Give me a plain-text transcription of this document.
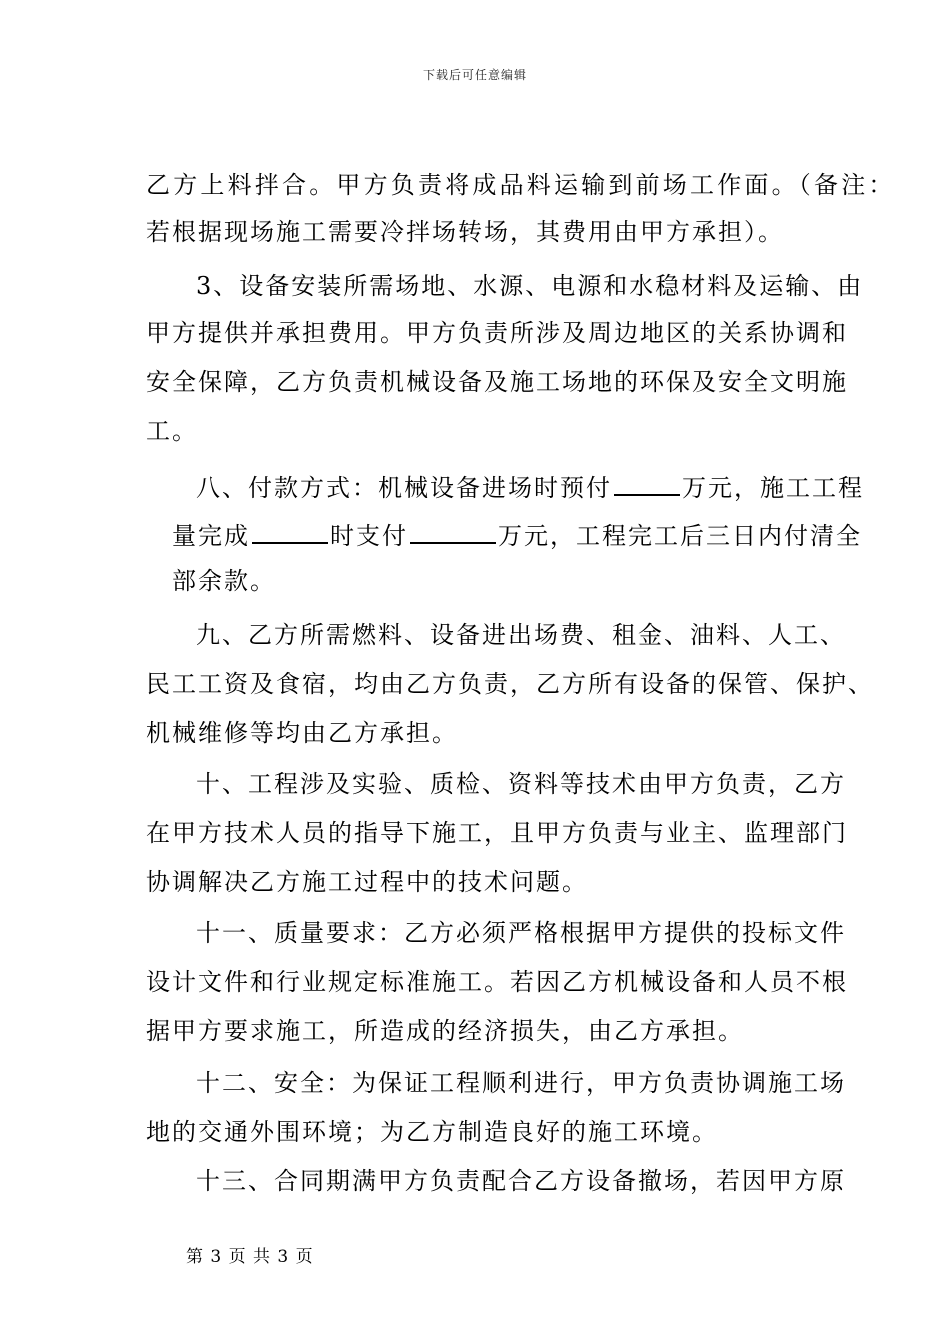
下载后可任意编辑
乙方上料拌合。甲方负责将成品料运输到前场工作面。（备注：
若根据现场施工需要冷拌场转场，其费用由甲方承担）。
3、设备安装所需场地、水源、电源和水稳材料及运输、由
甲方提供并承担费用。甲方负责所涉及周边地区的关系协调和
安全保障，乙方负责机械设备及施工场地的环保及安全文明施
工。
八、付款方式：机械设备进场时预付	万元，施工工程
量完成	时支付	万元，工程完工后三日内付清全
部余款。
九、乙方所需燃料、设备进出场费、租金、油料、人工、
民工工资及食宿，均由乙方负责，乙方所有设备的保管、保护、
机械维修等均由乙方承担。
十、工程涉及实验、质检、资料等技术由甲方负责，乙方
在甲方技术人员的指导下施工，且甲方负责与业主、监理部门
协调解决乙方施工过程中的技术问题。
十一、质量要求：乙方必须严格根据甲方提供的投标文件
设计文件和行业规定标准施工。若因乙方机械设备和人员不根
据甲方要求施工，所造成的经济损失，由乙方承担。
十二、安全：为保证工程顺利进行，甲方负责协调施工场
地的交通外围环境；为乙方制造良好的施工环境。
十三、合同期满甲方负责配合乙方设备撤场，若因甲方原
第 3 页 共 3 页
